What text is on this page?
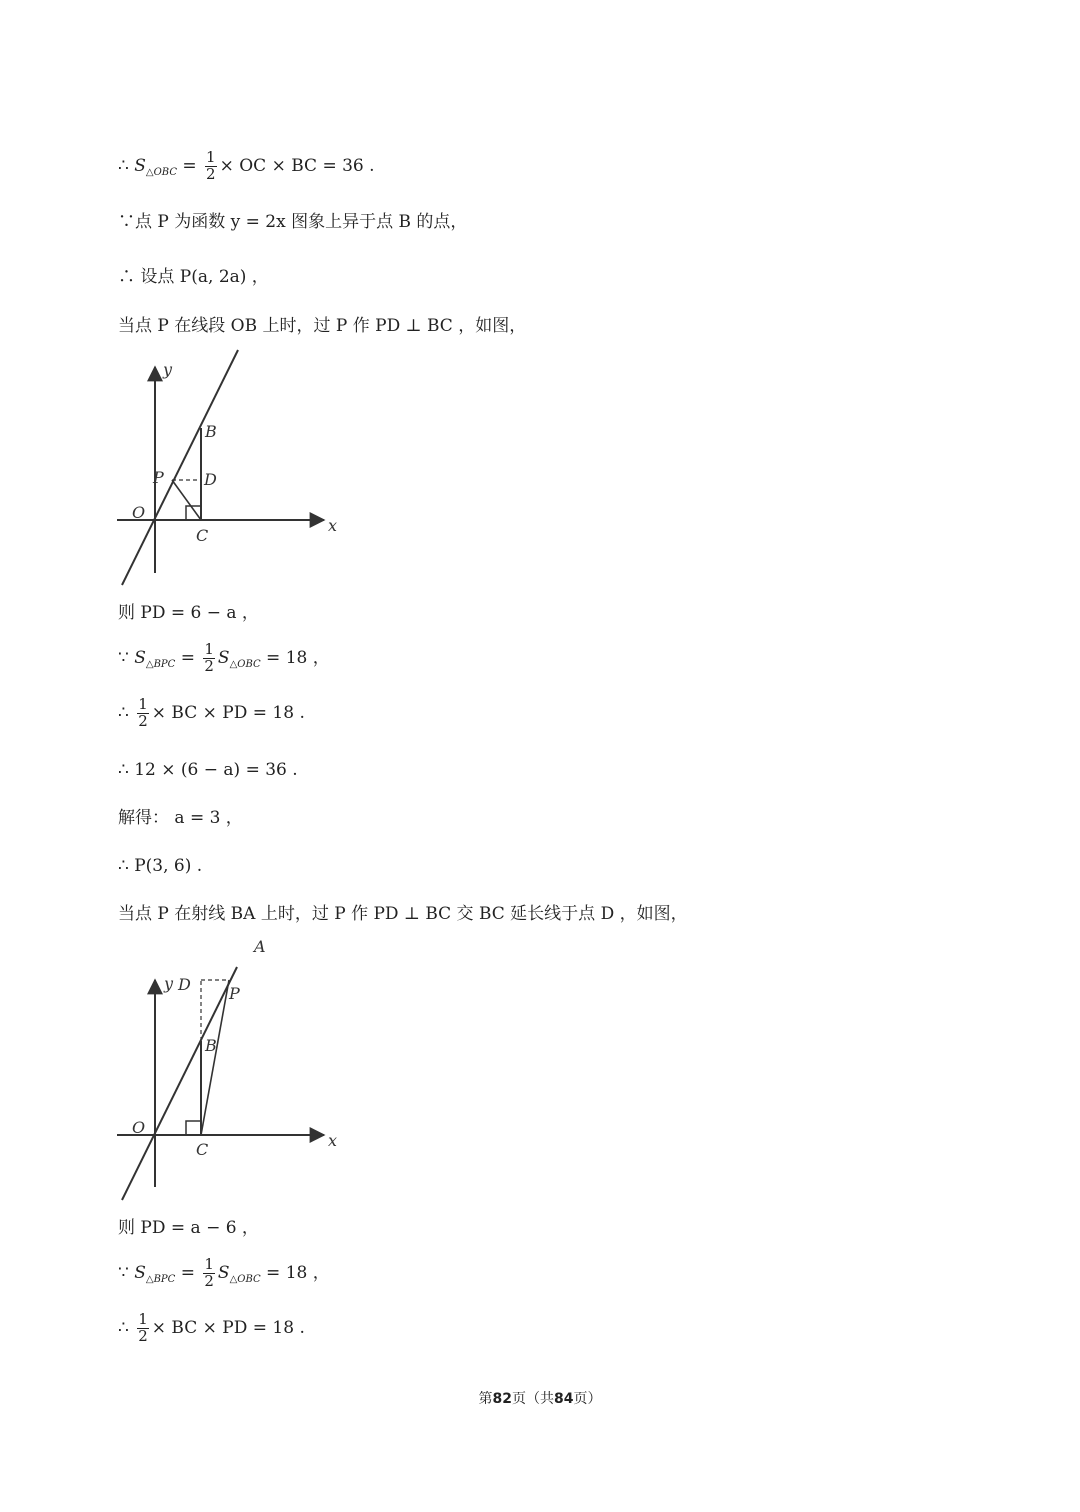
∴ $S_{\triangle OBC} = \frac{1}{2}$ × OC × BC = 36 .
∵点 P 为函数 y = 2x 图象上异于点 B 的点，
∴ 设点 P(a, 2a) ，
当点 P 在线段 OB 上时，过 P 作 PD ⊥ BC ，如图，
y
x
O
B
P	D
C
则 PD = 6 − a ，
∵ $S_{\triangle BPC} = \frac{1}{2} S_{\triangle OBC} = 18$ ，
∴ $\frac{1}{2}$ × BC × PD = 18 .
∴ 12 × (6 − a) = 36 .
解得： a = 3 ，
∴ P(3, 6) .
当点 P 在射线 BA 上时，过 P 作 PD ⊥ BC 交 BC 延长线于点 D ，如图，
A
y D P
B
O
C	x
则 PD = a − 6 ，
∵ $S_{\triangle BPC} = \frac{1}{2} S_{\triangle OBC} = 18$ ，
∴ $\frac{1}{2}$ × BC × PD = 18 .
第82页（共84页）
